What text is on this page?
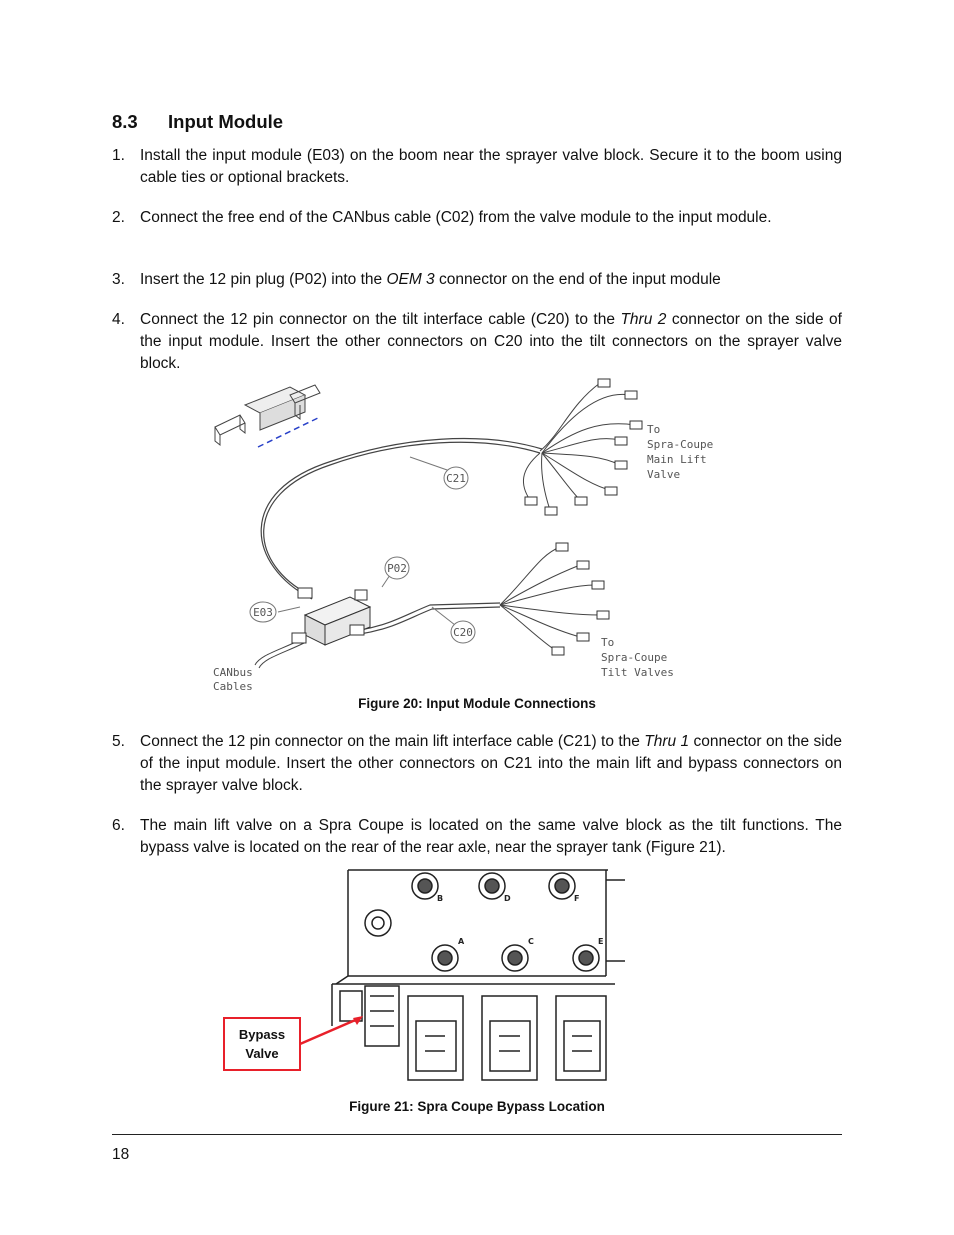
8.3 Input Module
1. Install the input module (E03) on the boom near the sprayer valve block. Secure it to the boom using cable ties or optional brackets.
2. Connect the free end of the CANbus cable (C02) from the valve module to the input module.
3. Insert the 12 pin plug (P02) into the OEM 3 connector on the end of the input module
4. Connect the 12 pin connector on the tilt interface cable (C20) to the Thru 2 connector on the side of the input module. Insert the other connectors on C20 into the tilt connectors on the sprayer valve block.
C21
P02
E03
C20
To
Spra-Coupe
Main Lift
Valve
To
Spra-Coupe
Tilt Valves
CANbus
Cables
Figure 20: Input Module Connections
5. Connect the 12 pin connector on the main lift interface cable (C21) to the Thru 1 connector on the side of the input module. Insert the other connectors on C21 into the main lift and bypass connectors on the sprayer valve block.
6. The main lift valve on a Spra Coupe is located on the same valve block as the tilt functions. The bypass valve is located on the rear of the rear axle, near the sprayer tank (Figure 21).
B	D	F
A	C	E
Bypass
Valve
Figure 21: Spra Coupe Bypass Location
18
